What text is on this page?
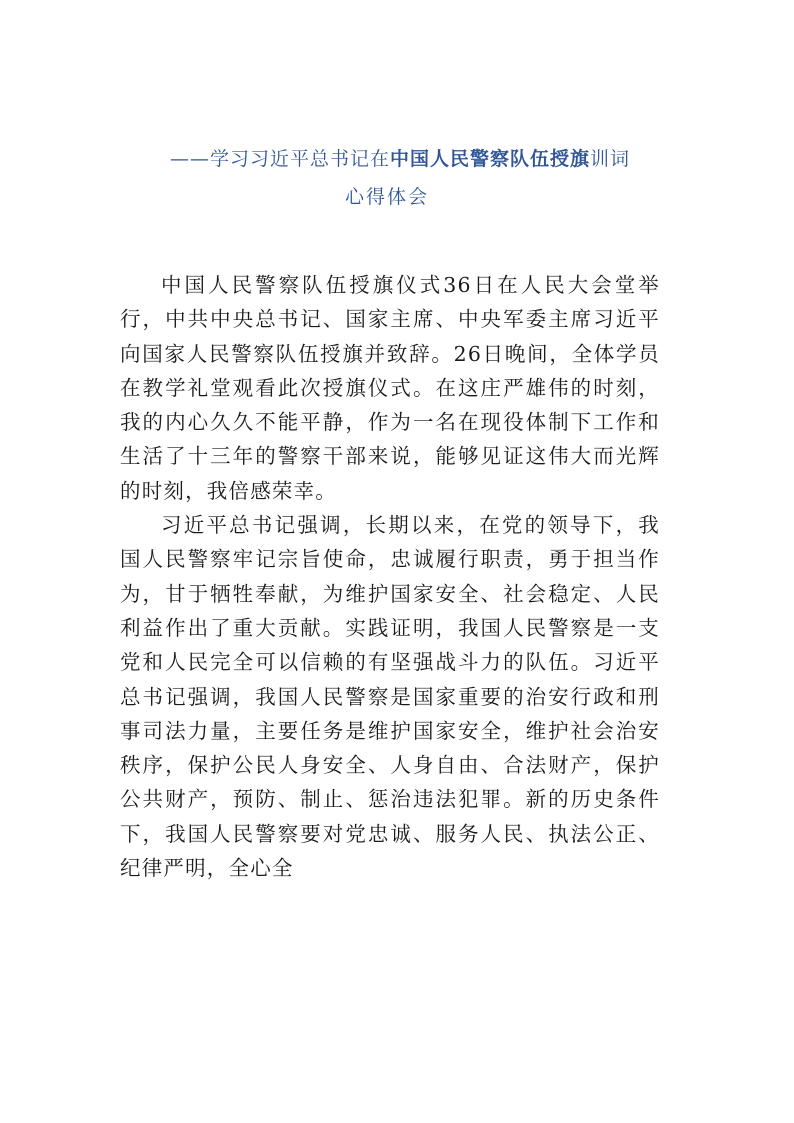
——学习习近平总书记在中国人民警察队伍授旗训词
心得体会

中国人民警察队伍授旗仪式36日在人民大会堂举行，中共中央总书记、国家主席、中央军委主席习近平向国家人民警察队伍授旗并致辞。26日晚间，全体学员在教学礼堂观看此次授旗仪式。在这庄严雄伟的时刻，我的内心久久不能平静，作为一名在现役体制下工作和生活了十三年的警察干部来说，能够见证这伟大而光辉的时刻，我倍感荣幸。

习近平总书记强调，长期以来，在党的领导下，我国人民警察牢记宗旨使命，忠诚履行职责，勇于担当作为，甘于牺牲奉献，为维护国家安全、社会稳定、人民利益作出了重大贡献。实践证明，我国人民警察是一支党和人民完全可以信赖的有坚强战斗力的队伍。习近平总书记强调，我国人民警察是国家重要的治安行政和刑事司法力量，主要任务是维护国家安全，维护社会治安秩序，保护公民人身安全、人身自由、合法财产，保护公共财产，预防、制止、惩治违法犯罪。新的历史条件下，我国人民警察要对党忠诚、服务人民、执法公正、纪律严明，全心全
